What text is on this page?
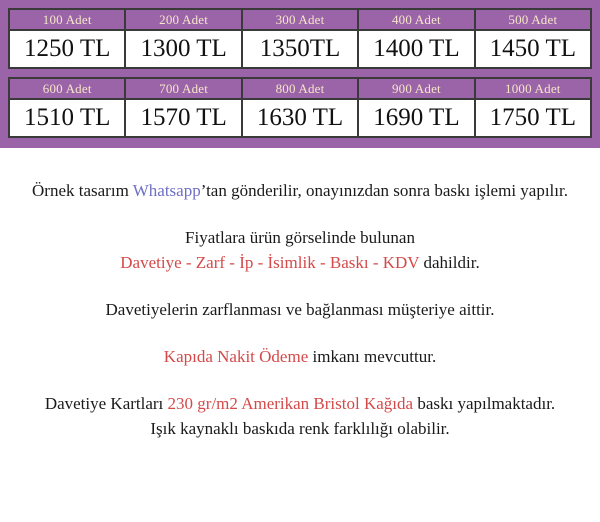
100 Adet
1250 TL
200 Adet
1300 TL
300 Adet
1350TL
400 Adet
1400 TL
500 Adet
1450 TL
600 Adet
1510 TL
700 Adet
1570 TL
800 Adet
1630 TL
900 Adet
1690 TL
1000 Adet
1750 TL
Örnek tasarım Whatsapp’tan gönderilir, onayınızdan sonra baskı işlemi yapılır.
Fiyatlara ürün görselinde bulunan
Davetiye - Zarf - İp - İsimlik - Baskı - KDV dahildir.
Davetiyelerin zarflanması ve bağlanması müşteriye aittir.
Kapıda Nakit Ödeme imkanı mevcuttur.
Davetiye Kartları 230 gr/m2 Amerikan Bristol Kağıda baskı yapılmaktadır.
Işık kaynaklı baskıda renk farklılığı olabilir.
